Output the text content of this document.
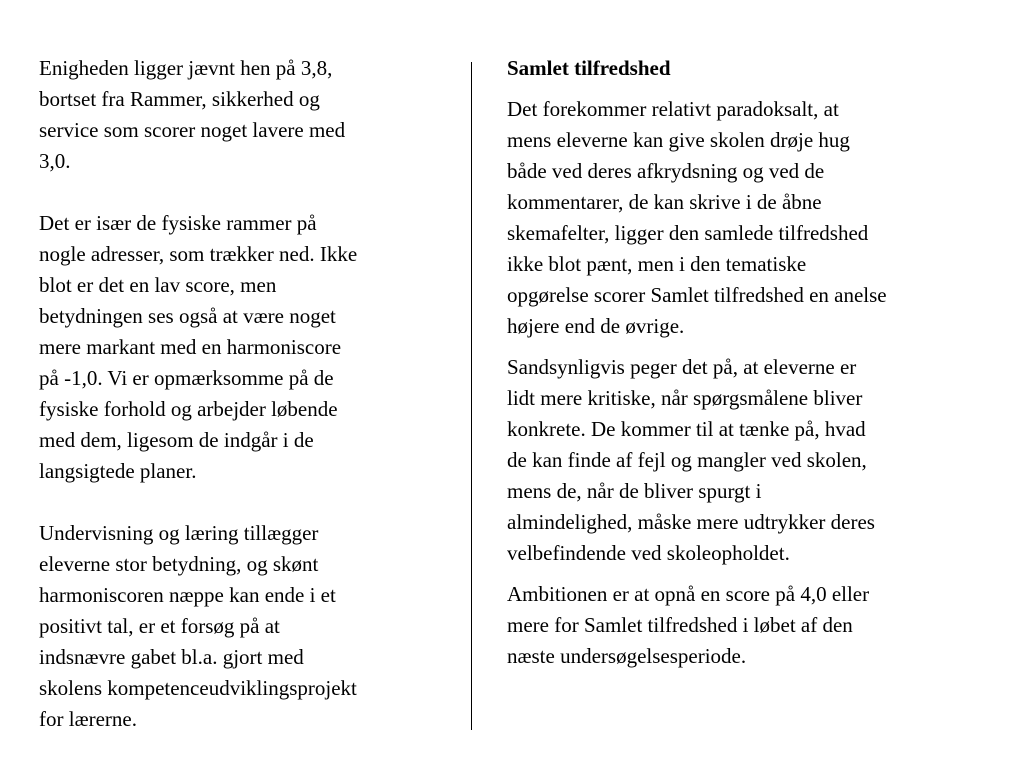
Enigheden ligger jævnt hen på 3,8,
bortset fra Rammer, sikkerhed og
service som scorer noget lavere med
3,0.

Det er især de fysiske rammer på
nogle adresser, som trækker ned. Ikke
blot er det en lav score, men
betydningen ses også at være noget
mere markant med en harmoniscore
på -1,0. Vi er opmærksomme på de
fysiske forhold og arbejder løbende
med dem, ligesom de indgår i de
langsigtede planer.

Undervisning og læring tillægger
eleverne stor betydning, og skønt
harmoniscoren næppe kan ende i et
positivt tal, er et forsøg på at
indsnævre gabet bl.a. gjort med
skolens kompetenceudviklingsprojekt
for lærerne.

Samlet tilfredshed

Det forekommer relativt paradoksalt, at
mens eleverne kan give skolen drøje hug
både ved deres afkrydsning og ved de
kommentarer, de kan skrive i de åbne
skemafelter, ligger den samlede tilfredshed
ikke blot pænt, men i den tematiske
opgørelse scorer Samlet tilfredshed en anelse
højere end de øvrige.

Sandsynligvis peger det på, at eleverne er
lidt mere kritiske, når spørgsmålene bliver
konkrete. De kommer til at tænke på, hvad
de kan finde af fejl og mangler ved skolen,
mens de, når de bliver spurgt i
almindelighed, måske mere udtrykker deres
velbefindende ved skoleopholdet.

Ambitionen er at opnå en score på 4,0 eller
mere for Samlet tilfredshed i løbet af den
næste undersøgelsesperiode.
